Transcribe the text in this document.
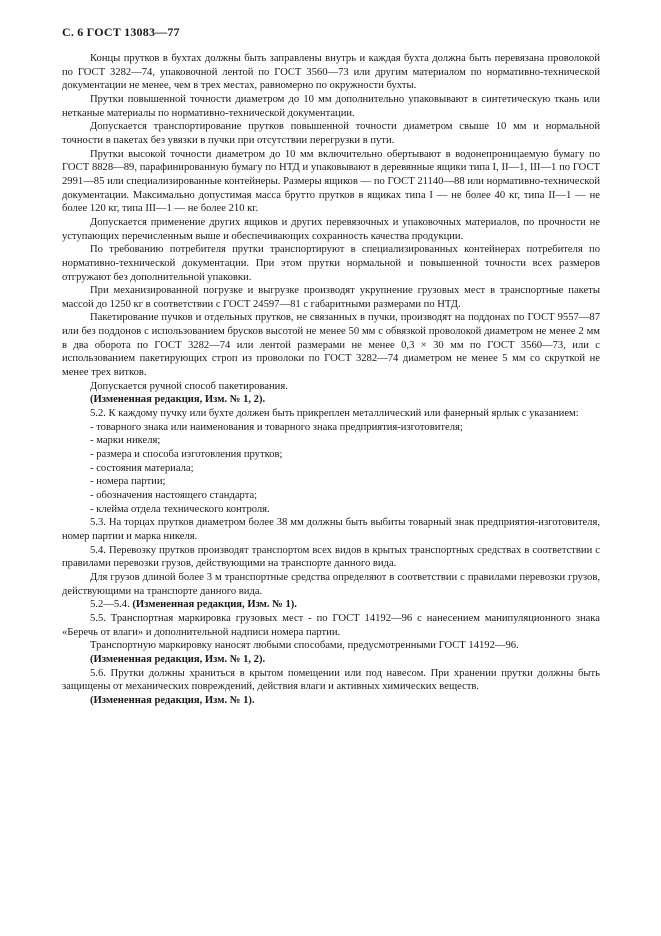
С. 6 ГОСТ 13083—77

Концы прутков в бухтах должны быть заправлены внутрь и каждая бухта должна быть перевязана проволокой по ГОСТ 3282—74, упаковочной лентой по ГОСТ 3560—73 или другим материалом по нормативно-технической документации не менее, чем в трех местах, равномерно по окружности бухты.

Прутки повышенной точности диаметром до 10 мм дополнительно упаковывают в синтетическую ткань или нетканые материалы по нормативно-технической документации.

Допускается транспортирование прутков повышенной точности диаметром свыше 10 мм и нормальной точности в пакетах без увязки в пучки при отсутствии перегрузки в пути.

Прутки высокой точности диаметром до 10 мм включительно обертывают в водонепроницаемую бумагу по ГОСТ 8828—89, парафинированную бумагу по НТД и упаковывают в деревянные ящики типа I, II—1, III—1 по ГОСТ 2991—85 или специализированные контейнеры. Размеры ящиков — по ГОСТ 21140—88 или нормативно-технической документации. Максимально допустимая масса брутто прутков в ящиках типа I — не более 40 кг, типа II—1 — не более 120 кг, типа III—1 — не более 210 кг.

Допускается применение других ящиков и других перевязочных и упаковочных материалов, по прочности не уступающих перечисленным выше и обеспечивающих сохранность качества продукции.

По требованию потребителя прутки транспортируют в специализированных контейнерах потребителя по нормативно-технической документации. При этом прутки нормальной и повышенной точности всех размеров отгружают без дополнительной упаковки.

При механизированной погрузке и выгрузке производят укрупнение грузовых мест в транспортные пакеты массой до 1250 кг в соответствии с ГОСТ 24597—81 с габаритными размерами по НТД.

Пакетирование пучков и отдельных прутков, не связанных в пучки, производят на поддонах по ГОСТ 9557—87 или без поддонов с использованием брусков высотой не менее 50 мм с обвязкой проволокой диаметром не менее 2 мм в два оборота по ГОСТ 3282—74 или лентой размерами не менее 0,3 × 30 мм по ГОСТ 3560—73, или с использованием пакетирующих строп из проволоки по ГОСТ 3282—74 диаметром не менее 5 мм со скруткой не менее трех витков.

Допускается ручной способ пакетирования.

(Измененная редакция, Изм. № 1, 2).

5.2. К каждому пучку или бухте должен быть прикреплен металлический или фанерный ярлык с указанием:

- товарного знака или наименования и товарного знака предприятия-изготовителя;
- марки никеля;
- размера и способа изготовления прутков;
- состояния материала;
- номера партии;
- обозначения настоящего стандарта;
- клейма отдела технического контроля.

5.3. На торцах прутков диаметром более 38 мм должны быть выбиты товарный знак предприятия-изготовителя, номер партии и марка никеля.

5.4. Перевозку прутков производят транспортом всех видов в крытых транспортных средствах в соответствии с правилами перевозки грузов, действующими на транспорте данного вида.

Для грузов длиной более 3 м транспортные средства определяют в соответствии с правилами перевозки грузов, действующими на транспорте данного вида.

5.2—5.4. (Измененная редакция, Изм. № 1).

5.5. Транспортная маркировка грузовых мест - по ГОСТ 14192—96 с нанесением манипуляционного знака «Беречь от влаги» и дополнительной надписи номера партии.

Транспортную маркировку наносят любыми способами, предусмотренными ГОСТ 14192—96.

(Измененная редакция, Изм. № 1, 2).

5.6. Прутки должны храниться в крытом помещении или под навесом. При хранении прутки должны быть защищены от механических повреждений, действия влаги и активных химических веществ.

(Измененная редакция, Изм. № 1).
